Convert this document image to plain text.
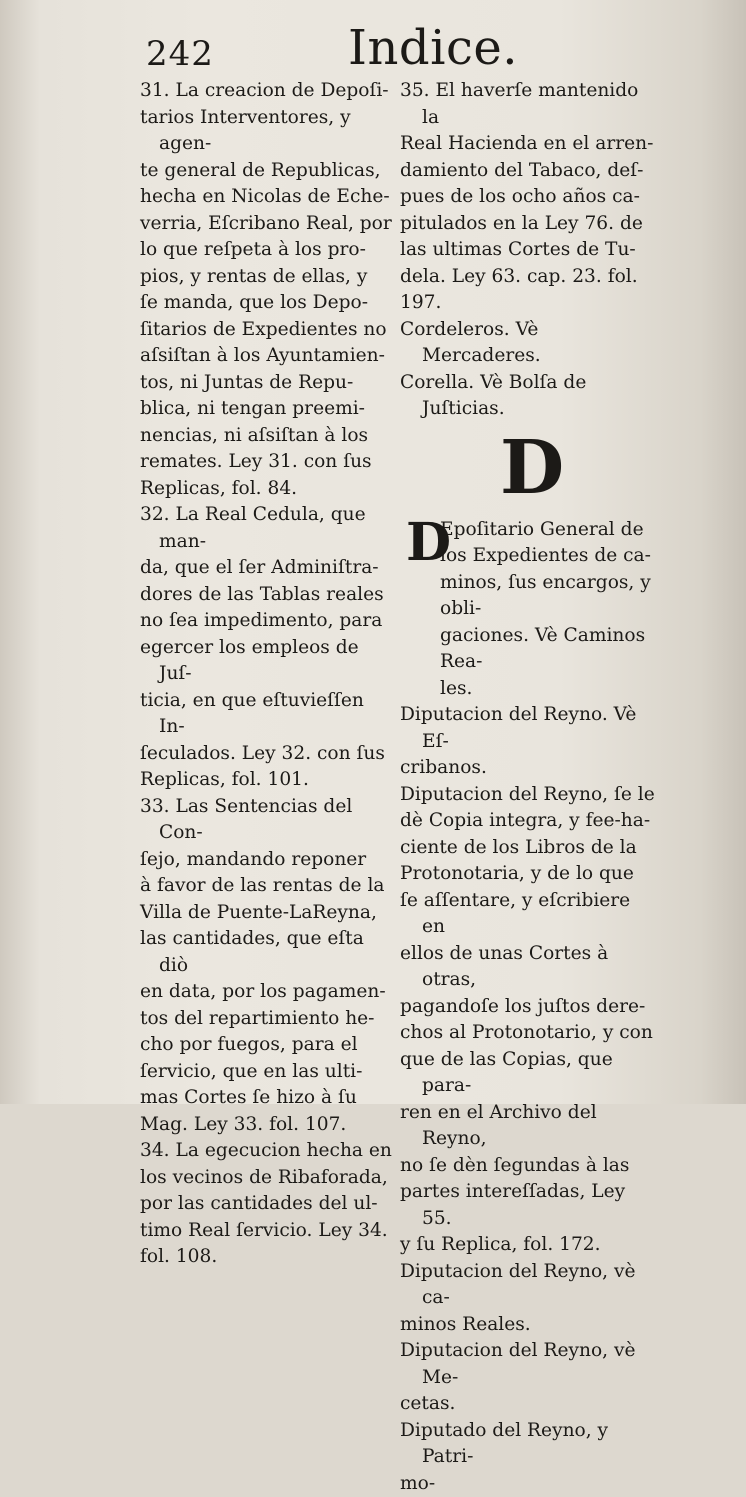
242	Indice.
31. La creacion de Depoſi-
tarios Interventores, y agen-
te general de Republicas,
hecha en Nicolas de Eche-
verria, Eſcribano Real, por
lo que reſpeta à los pro-
pios, y rentas de ellas, y
ſe manda, que los Depo-
ſitarios de Expedientes no
aſsiſtan à los Ayuntamien-
tos, ni Juntas de Repu-
blica, ni tengan preemi-
nencias, ni aſsiſtan à los
remates. Ley 31. con ſus
Replicas, fol. 84.
32. La Real Cedula, que man-
da, que el ſer Adminiſtra-
dores de las Tablas reales
no ſea impedimento, para
egercer los empleos de Juſ-
ticia, en que eſtuvieſſen In-
ſeculados. Ley 32. con ſus
Replicas, fol. 101.
33. Las Sentencias del Con-
ſejo, mandando reponer
à favor de las rentas de la
Villa de Puente-LaReyna,
las cantidades, que eſta diò
en data, por los pagamen-
tos del repartimiento he-
cho por fuegos, para el
ſervicio, que en las ulti-
mas Cortes ſe hizo à ſu
Mag. Ley 33. fol. 107.
34. La egecucion hecha en
los vecinos de Ribaforada,
por las cantidades del ul-
timo Real ſervicio. Ley 34.
fol. 108.
35. El haverſe mantenido la
Real Hacienda en el arren-
damiento del Tabaco, deſ-
pues de los ocho años ca-
pitulados en la Ley 76. de
las ultimas Cortes de Tu-
dela. Ley 63. cap. 23. fol.
197.
Cordeleros. Vè Mercaderes.
Corella. Vè Bolſa de Juſticias.
D
D
Epoſitario General de
los Expedientes de ca-
minos, ſus encargos, y obli-
gaciones. Vè Caminos Rea-
les.
Diputacion del Reyno. Vè Eſ-
cribanos.
Diputacion del Reyno, ſe le
dè Copia integra, y fee-ha-
ciente de los Libros de la
Protonotaria, y de lo que
ſe aſſentare, y eſcribiere en
ellos de unas Cortes à otras,
pagandoſe los juſtos dere-
chos al Protonotario, y con
que de las Copias, que para-
ren en el Archivo del Reyno,
no ſe dèn ſegundas à las
partes intereſſadas, Ley 55.
y ſu Replica, fol. 172.
Diputacion del Reyno, vè ca-
minos Reales.
Diputacion del Reyno, vè Me-
cetas.
Diputado del Reyno, y Patri-
mo-
